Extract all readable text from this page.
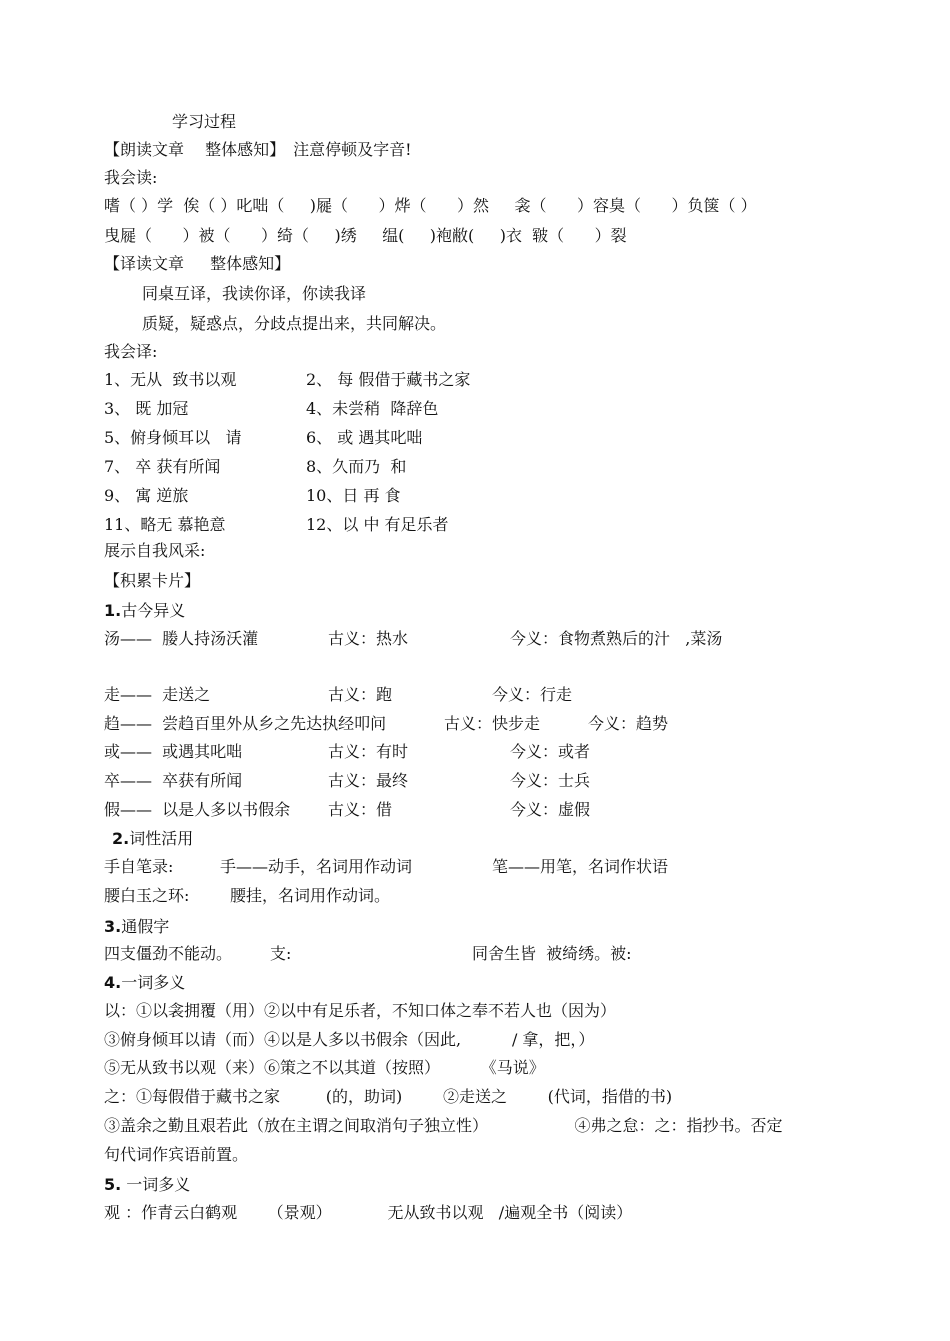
学习过程
【朗读文章　 整体感知】　注意停顿及字音!
我会读:
嗜（ ）学  俟（ ）叱咄（     )屣（      ）烨（      ）然     衾（      ）容臭（      ）负箧（ ）
曳屣（      ）被（      ）绮（     )绣     缊(     )袍敝(     )衣  皲（      ）裂
【译读文章　  整体感知】
同桌互译，我读你译，你读我译
质疑，疑惑点，分歧点提出来，共同解决。
我会译:
1、无从  致书以观	2、 每 假借于藏书之家
3、 既 加冠	4、未尝稍  降辞色
5、俯身倾耳以   请	6、 或 遇其叱咄
7、 卒 获有所闻	8、久而乃  和
9、 寓 逆旅	10、日 再 食
11、略无 慕艳意	12、以 中 有足乐者
展示自我风采:
【积累卡片】
1.古今异义
汤——  媵人持汤沃灌	古义：热水	今义：食物煮熟后的汁   ,菜汤
走——  走送之	古义：跑	今义：行走
趋——  尝趋百里外从乡之先达执经叩问	古义：快步走	今义：趋势
或——  或遇其叱咄	古义：有时	今义：或者
卒——  卒获有所闻	古义：最终	今义：士兵
假——  以是人多以书假余 古义：借	今义：虚假
2.词性活用
手自笔录:	手——动手，名词用作动词	笔——用笔，名词作状语
腰白玉之环:	腰挂，名词用作动词。
3.通假字
四支僵劲不能动。 支:	同舍生皆  被绮绣。被:
4.一词多义
以：①以衾拥覆（用）②以中有足乐者，不知口体之奉不若人也（因为）
③俯身倾耳以请（而）④以是人多以书假余（因此,          / 拿，把，）
⑤无从致书以观（来）⑥策之不以其道（按照）        《马说》
之：①每假借于藏书之家         (的，助词)        ②走送之        (代词，指借的书)
③盖余之勤且艰若此（放在主谓之间取消句子独立性）                 ④弗之怠：之：指抄书。否定
句代词作宾语前置。
5. 一词多义
观 ：作青云白鹤观      （景观）           无从致书以观   /遍观全书（阅读）
